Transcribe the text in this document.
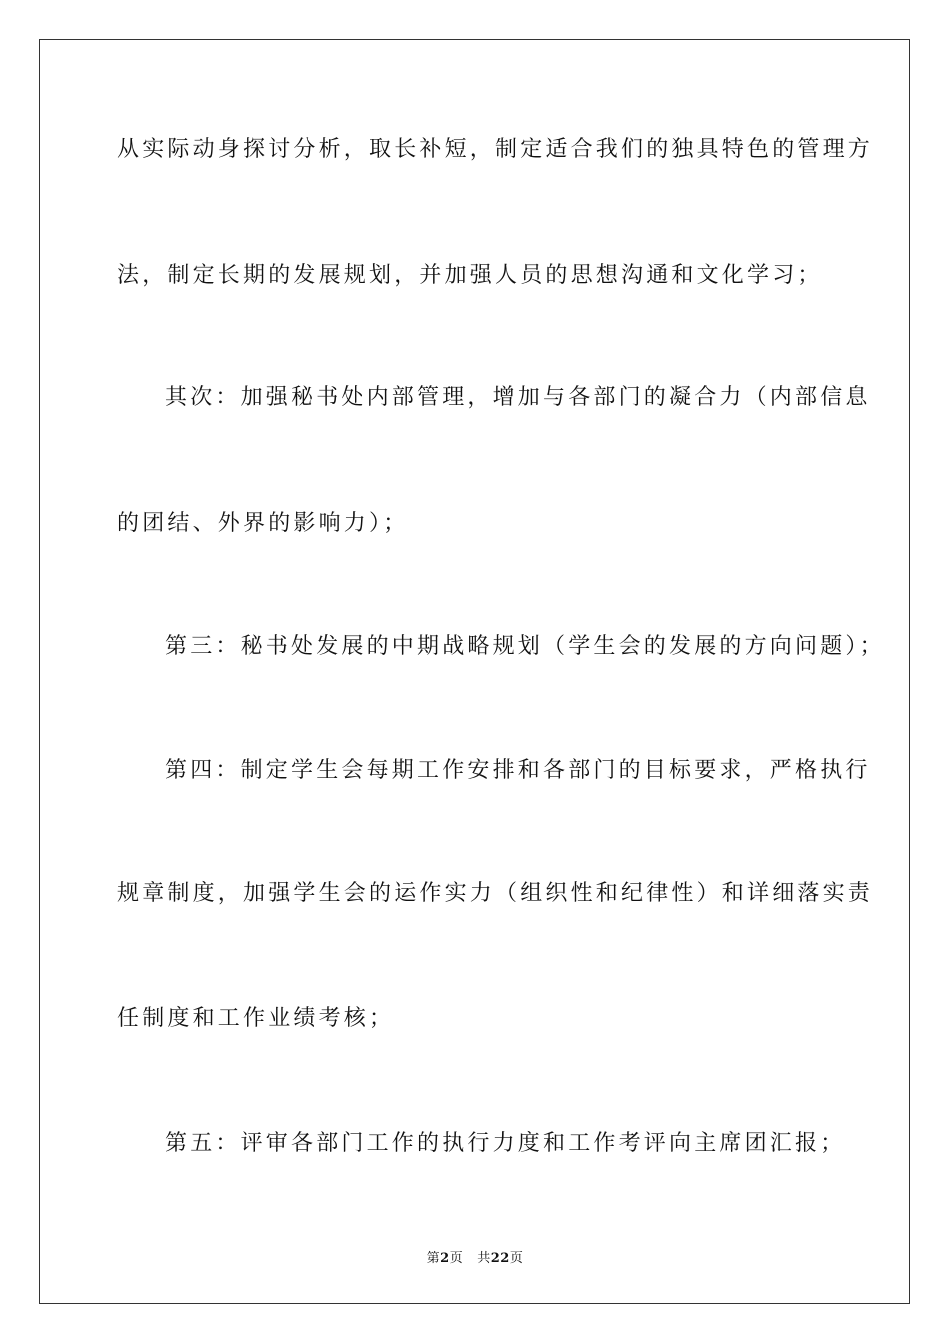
从实际动身探讨分析，取长补短，制定适合我们的独具特色的管理方
法，制定长期的发展规划，并加强人员的思想沟通和文化学习；
其次：加强秘书处内部管理，增加与各部门的凝合力（内部信息
的团结、外界的影响力）；
第三：秘书处发展的中期战略规划（学生会的发展的方向问题）；
第四：制定学生会每期工作安排和各部门的目标要求，严格执行
规章制度，加强学生会的运作实力（组织性和纪律性）和详细落实责
任制度和工作业绩考核；
第五：评审各部门工作的执行力度和工作考评向主席团汇报；
第2页 共22页
